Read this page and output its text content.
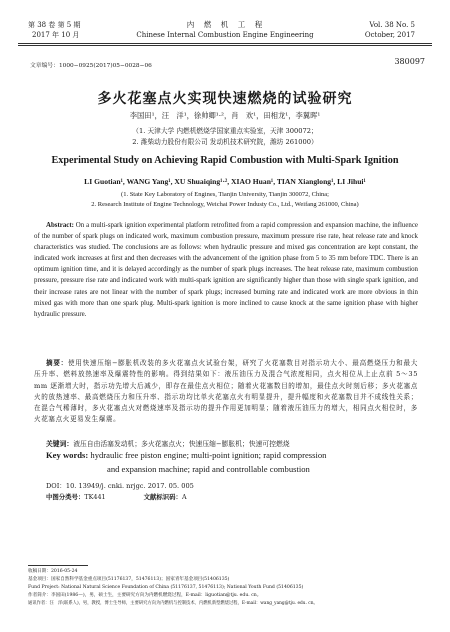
第 38 卷 第 5 期
2017 年 10 月
内　燃　机　工　程
Chinese Internal Combustion Engine Engineering
Vol. 38 No. 5
October, 2017
文章编号：1000−0925(2017)05−0028−06	380097
多火花塞点火实现快速燃烧的试验研究
李国田¹，汪　洋¹，徐帅卿¹·²，肖　欢¹，田相龙¹，李翼晖¹
（1. 天津大学 内燃机燃烧学国家重点实验室，天津 300072；
2. 潍柴动力股份有限公司 发动机技术研究院，潍坊 261000）
Experimental Study on Achieving Rapid Combustion with Multi-Spark Ignition
LI Guotian¹, WANG Yang¹, XU Shuaiqing¹·², XIAO Huan¹, TIAN Xianglong¹, LI Jihui¹
(1. State Key Laboratory of Engines, Tianjin University, Tianjin 300072, China;
2. Research Institute of Engine Technology, Weichai Power Industy Co., Ltd., Weifang 261000, China)
Abstract: On a multi-spark ignition experimental platform retrofitted from a rapid compression and expansion machine, the influence of the number of spark plugs on indicated work, maximum combustion pressure, maximum pressure rise rate, heat release rate and knock characteristics was studied. The conclusions are as follows: when hydraulic pressure and mixed gas concentration are kept constant, the indicated work increases at first and then decreases with the advancement of the ignition phase from 5 to 35 mm before TDC. There is an optimum ignition time, and it is delayed accordingly as the number of spark plugs increases. The heat release rate, maximum combustion pressure, pressure rise rate and indicated work with multi-spark ignition are significantly higher than those with single spark ignition, and their increase rates are not linear with the number of spark plugs; increased burning rate and indicated work are more obvious in thin mixed gas with more than one spark plug. Multi-spark ignition is more inclined to cause knock at the same ignition phase with higher hydraulic pressure.
摘要：使用快速压缩−膨胀机改装的多火花塞点火试验台架，研究了火花塞数目对指示功大小、最高燃烧压力和最大压升率、燃料放热速率及爆震特性的影响。得到结果如下：液压油压力及混合气浓度相同，点火相位从上止点前 5～35 mm 逐渐增大时，指示功先增大后减少，即存在最佳点火相位；随着火花塞数目的增加，最佳点火时刻后移；多火花塞点火的放热速率、最高燃烧压力和压升率、指示功均比单火花塞点火有明显提升，提升幅度和火花塞数目并不成线性关系；在混合气稀薄时，多火花塞点火对燃烧速率及指示功的提升作用更加明显；随着液压油压力的增大，相同点火相位时，多火花塞点火更易发生爆震。
关键词：液压自由活塞发动机；多火花塞点火；快速压缩−膨胀机；快速可控燃烧
Key words: hydraulic free piston engine; multi-point ignition; rapid compression
and expansion machine; rapid and controllable combustion
DOI：10. 13949/j. cnki. nrjgc. 2017. 05. 005
中图分类号：TK441	文献标识码：A
收稿日期：2016-05-24
基金项目：国家自然科学基金重点项目(51176137，51476113)；国家青年基金项目(51406135)
Fund Project: National Natural Science Foundation of China (51176137, 51476113); National Youth Fund (51406135)
作者简介：李国田(1986—)，男，硕士生，主要研究方向为内燃机燃烧过程，E-mail：liguotian@tju. edu. cn。
通讯作者：汪　洋(联系人)，男，教授，博士生导师，主要研究方向为内燃机与控制技术、内燃机新型燃烧过程，E-mail：wang_yang@tju. edu. cn。
